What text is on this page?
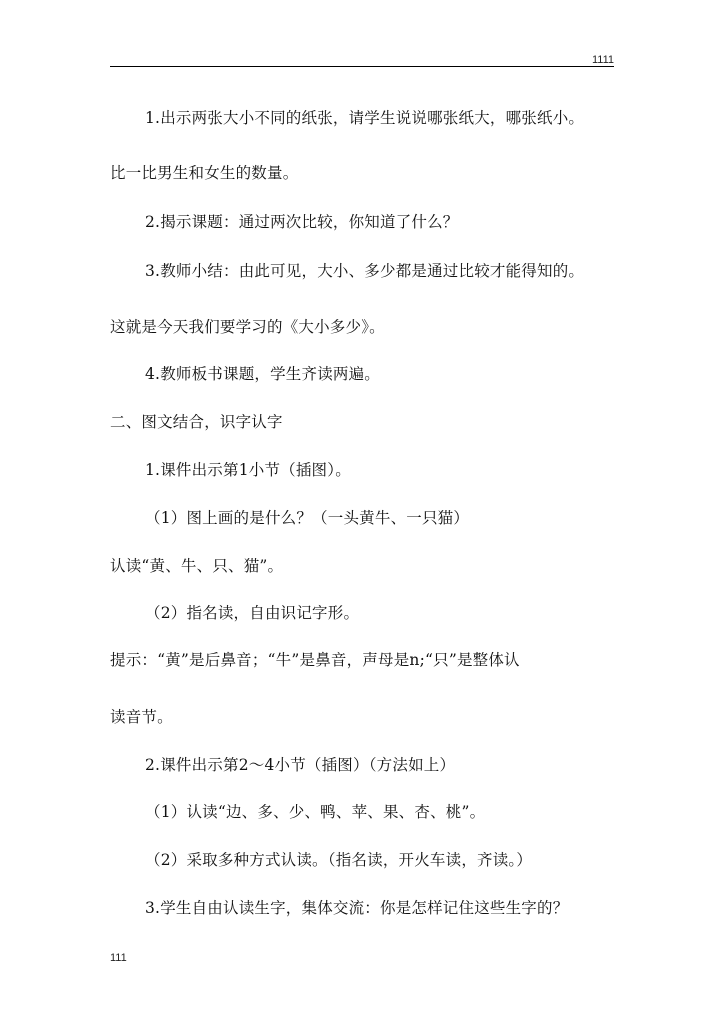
1111
1.出示两张大小不同的纸张，请学生说说哪张纸大，哪张纸小。
比一比男生和女生的数量。
2.揭示课题：通过两次比较，你知道了什么？
3.教师小结：由此可见，大小、多少都是通过比较才能得知的。
这就是今天我们要学习的《大小多少》。
4.教师板书课题，学生齐读两遍。
二、图文结合，识字认字
1.课件出示第1小节（插图）。
（1）图上画的是什么？（一头黄牛、一只猫）
认读“黄、牛、只、猫”。
（2）指名读，自由识记字形。
提示：“黄”是后鼻音；“牛”是鼻音，声母是n;“只”是整体认
读音节。
2.课件出示第2～4小节（插图）（方法如上）
（1）认读“边、多、少、鸭、苹、果、杏、桃”。
（2）采取多种方式认读。（指名读，开火车读，齐读。）
3.学生自由认读生字，集体交流：你是怎样记住这些生字的？
111
